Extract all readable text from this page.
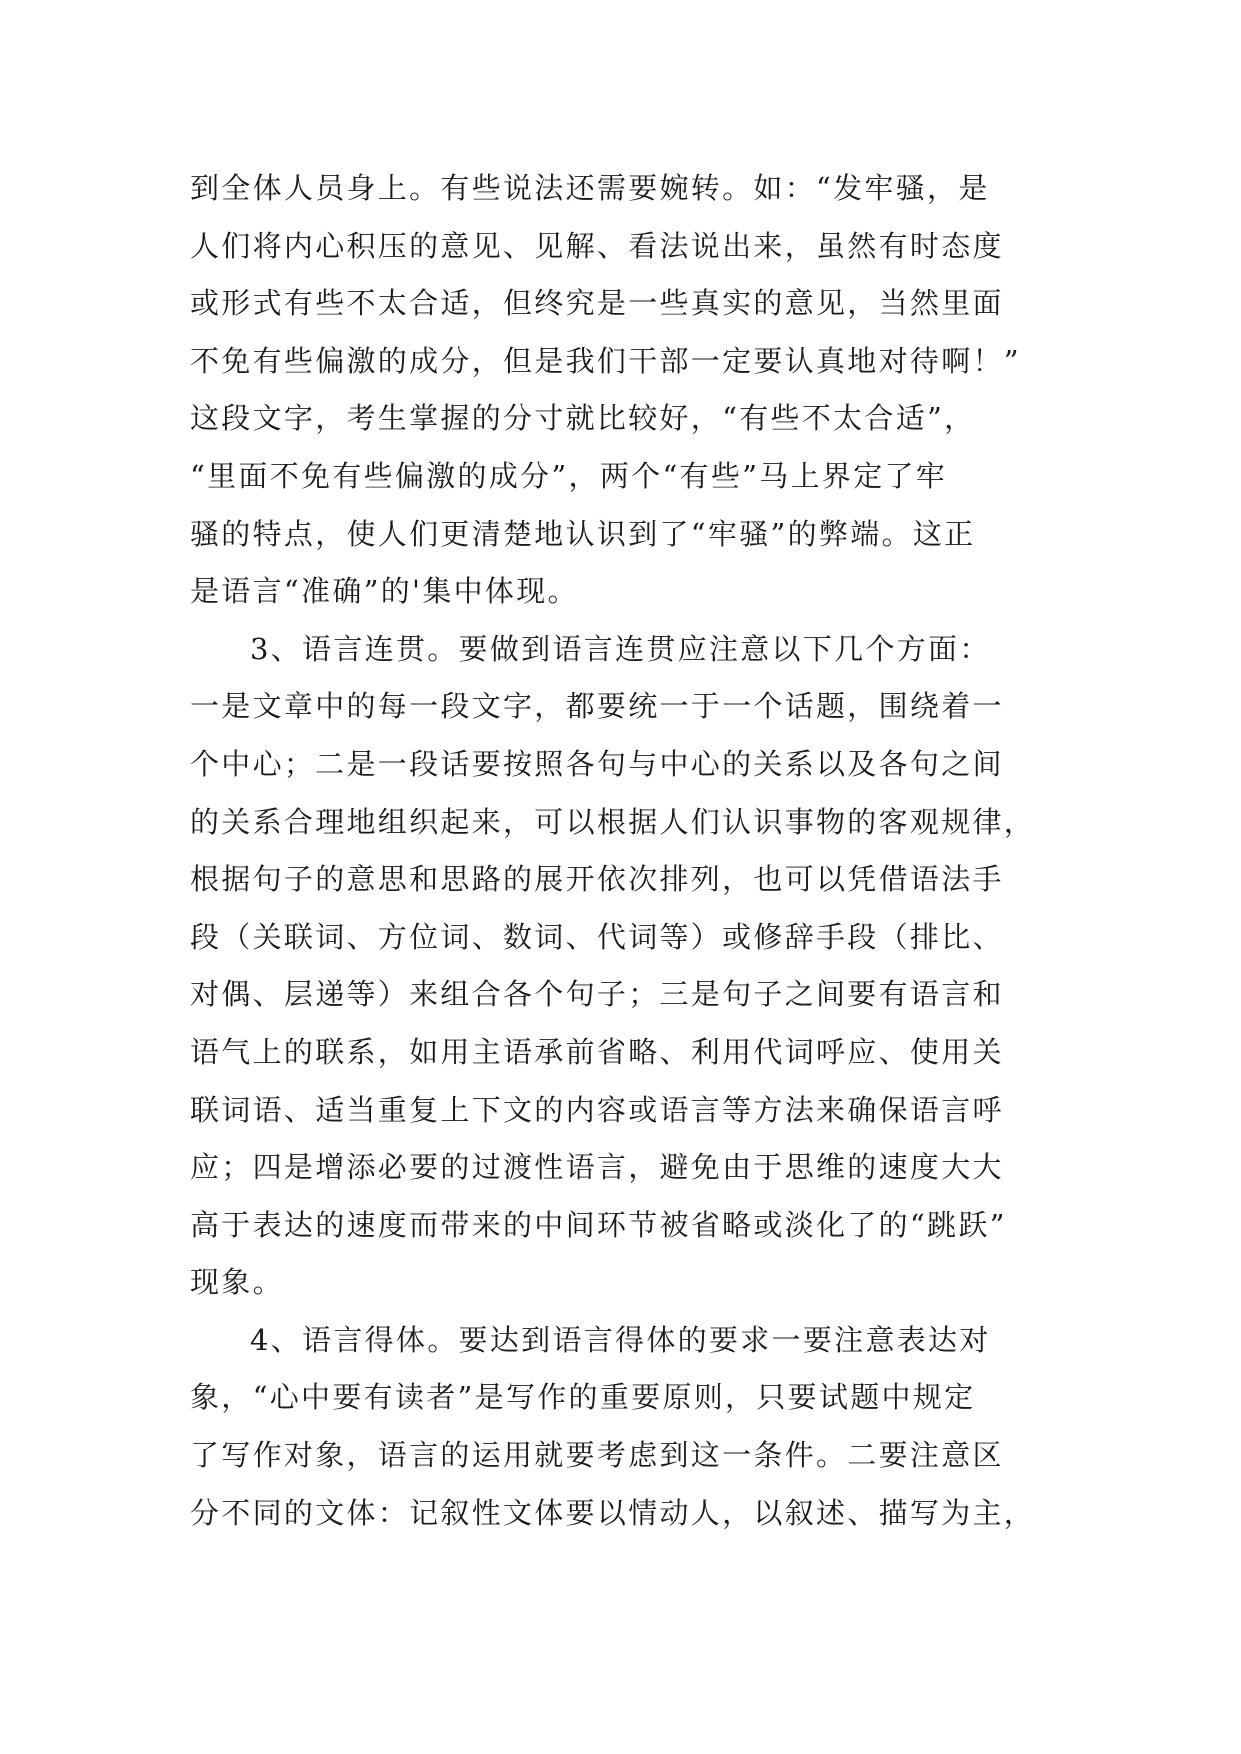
到全体人员身上。有些说法还需要婉转。如：“发牢骚，是
人们将内心积压的意见、见解、看法说出来，虽然有时态度
或形式有些不太合适，但终究是一些真实的意见，当然里面
不免有些偏激的成分，但是我们干部一定要认真地对待啊！”
这段文字，考生掌握的分寸就比较好，“有些不太合适”，
“里面不免有些偏激的成分”，两个“有些”马上界定了牢
骚的特点，使人们更清楚地认识到了“牢骚”的弊端。这正
是语言“准确”的'集中体现。
3、语言连贯。要做到语言连贯应注意以下几个方面：
一是文章中的每一段文字，都要统一于一个话题，围绕着一
个中心；二是一段话要按照各句与中心的关系以及各句之间
的关系合理地组织起来，可以根据人们认识事物的客观规律，
根据句子的意思和思路的展开依次排列，也可以凭借语法手
段（关联词、方位词、数词、代词等）或修辞手段（排比、
对偶、层递等）来组合各个句子；三是句子之间要有语言和
语气上的联系，如用主语承前省略、利用代词呼应、使用关
联词语、适当重复上下文的内容或语言等方法来确保语言呼
应；四是增添必要的过渡性语言，避免由于思维的速度大大
高于表达的速度而带来的中间环节被省略或淡化了的“跳跃”
现象。
4、语言得体。要达到语言得体的要求一要注意表达对
象，“心中要有读者”是写作的重要原则，只要试题中规定
了写作对象，语言的运用就要考虑到这一条件。二要注意区
分不同的文体：记叙性文体要以情动人，以叙述、描写为主，
